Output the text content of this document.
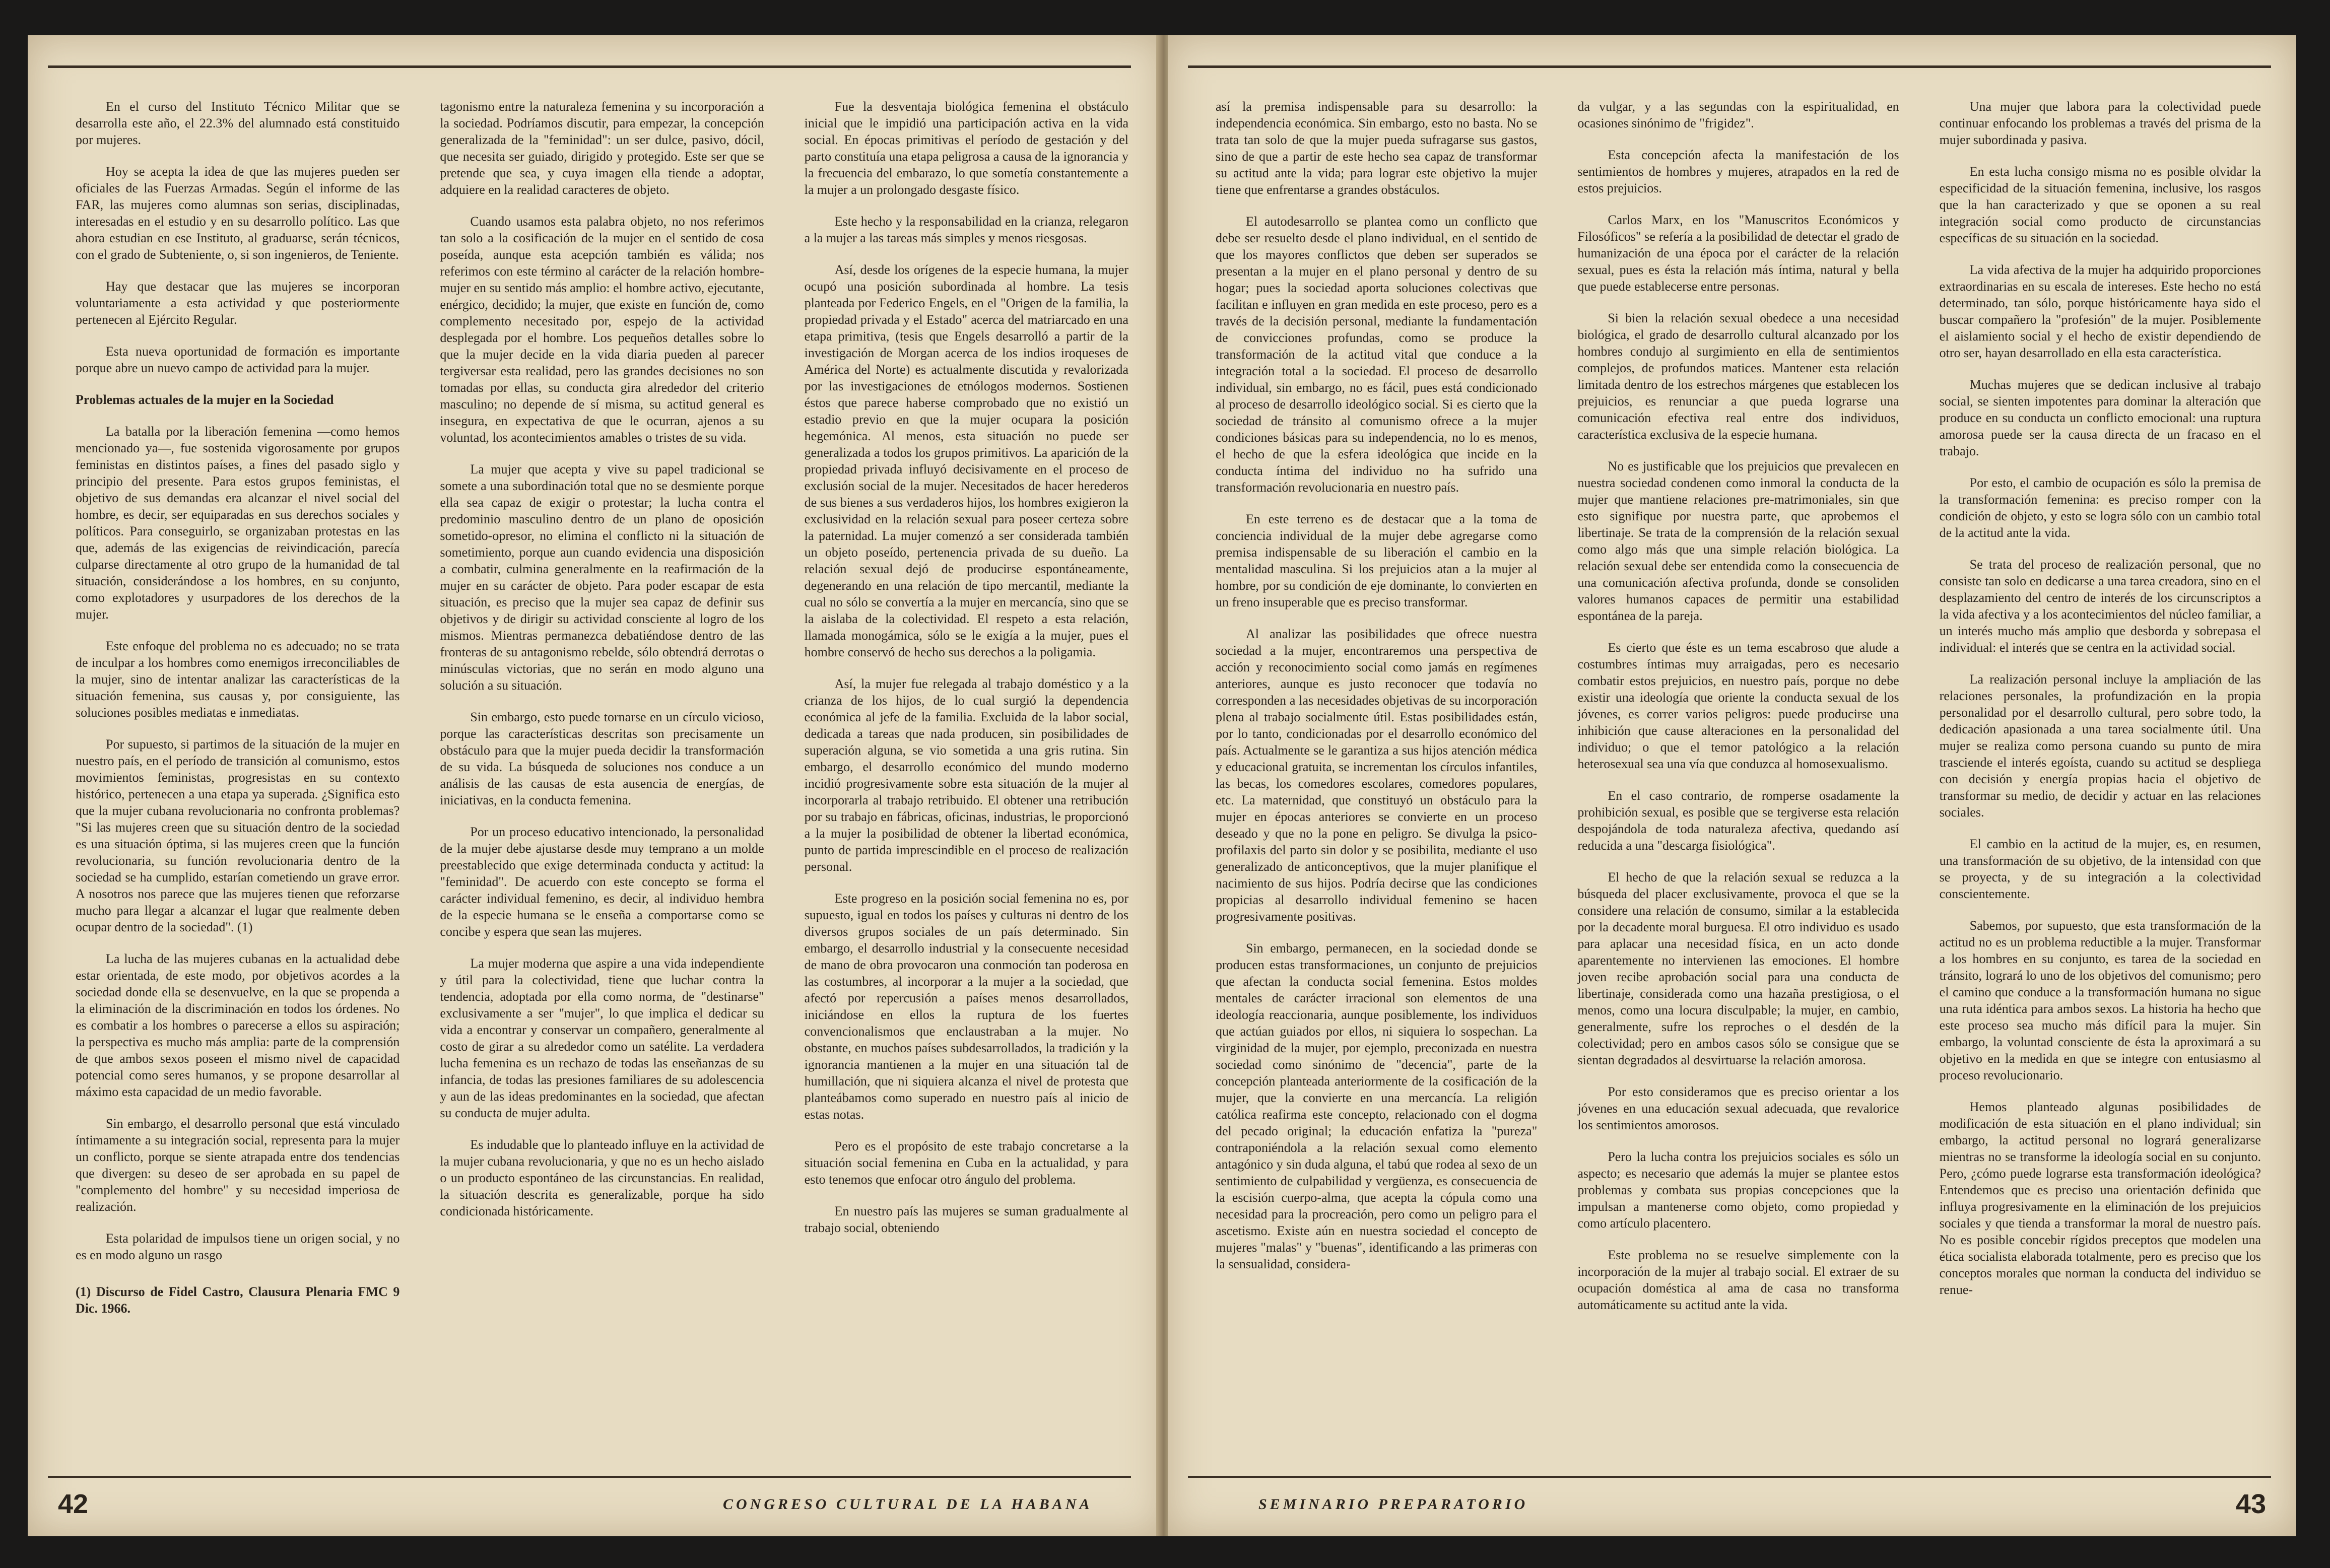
En el curso del Instituto Técnico Militar que se desarrolla este año, el 22.3% del alumnado está constituido por mujeres.

Hoy se acepta la idea de que las mujeres pueden ser oficiales de las Fuerzas Armadas. Según el informe de las FAR, las mujeres como alumnas son serias, disciplinadas, interesadas en el estudio y en su desarrollo político. Las que ahora estudian en ese Instituto, al graduarse, serán técnicos, con el grado de Subteniente, o, si son ingenieros, de Teniente.

Hay que destacar que las mujeres se incorporan voluntariamente a esta actividad y que posteriormente pertenecen al Ejército Regular.

Esta nueva oportunidad de formación es importante porque abre un nuevo campo de actividad para la mujer.

Problemas actuales de la mujer en la Sociedad

La batalla por la liberación femenina —como hemos mencionado ya—, fue sostenida vigorosamente por grupos feministas en distintos países, a fines del pasado siglo y principio del presente. Para estos grupos feministas, el objetivo de sus demandas era alcanzar el nivel social del hombre, es decir, ser equiparadas en sus derechos sociales y políticos. Para conseguirlo, se organizaban protestas en las que, además de las exigencias de reivindicación, parecía culparse directamente al otro grupo de la humanidad de tal situación, considerándose a los hombres, en su conjunto, como explotadores y usurpadores de los derechos de la mujer.

Este enfoque del problema no es adecuado; no se trata de inculpar a los hombres como enemigos irreconciliables de la mujer, sino de intentar analizar las características de la situación femenina, sus causas y, por consiguiente, las soluciones posibles mediatas e inmediatas.

Por supuesto, si partimos de la situación de la mujer en nuestro país, en el período de transición al comunismo, estos movimientos feministas, progresistas en su contexto histórico, pertenecen a una etapa ya superada. ¿Significa esto que la mujer cubana revolucionaria no confronta problemas? "Si las mujeres creen que su situación dentro de la sociedad es una situación óptima, si las mujeres creen que la función revolucionaria, su función revolucionaria dentro de la sociedad se ha cumplido, estarían cometiendo un grave error. A nosotros nos parece que las mujeres tienen que reforzarse mucho para llegar a alcanzar el lugar que realmente deben ocupar dentro de la sociedad". (1)

La lucha de las mujeres cubanas en la actualidad debe estar orientada, de este modo, por objetivos acordes a la sociedad donde ella se desenvuelve, en la que se propenda a la eliminación de la discriminación en todos los órdenes. No es combatir a los hombres o parecerse a ellos su aspiración; la perspectiva es mucho más amplia: parte de la comprensión de que ambos sexos poseen el mismo nivel de capacidad potencial como seres humanos, y se propone desarrollar al máximo esta capacidad de un medio favorable.

Sin embargo, el desarrollo personal que está vinculado íntimamente a su integración social, representa para la mujer un conflicto, porque se siente atrapada entre dos tendencias que divergen: su deseo de ser aprobada en su papel de "complemento del hombre" y su necesidad imperiosa de realización.

Esta polaridad de impulsos tiene un origen social, y no es en modo alguno un rasgo

(1) Discurso de Fidel Castro, Clausura Plenaria FMC 9 Dic. 1966.

tagonismo entre la naturaleza femenina y su incorporación a la sociedad. Podríamos discutir, para empezar, la concepción generalizada de la "feminidad": un ser dulce, pasivo, dócil, que necesita ser guiado, dirigido y protegido. Este ser que se pretende que sea, y cuya imagen ella tiende a adoptar, adquiere en la realidad caracteres de objeto.

Cuando usamos esta palabra objeto, no nos referimos tan solo a la cosificación de la mujer en el sentido de cosa poseída, aunque esta acepción también es válida; nos referimos con este término al carácter de la relación hombre-mujer en su sentido más amplio: el hombre activo, ejecutante, enérgico, decidido; la mujer, que existe en función de, como complemento necesitado por, espejo de la actividad desplegada por el hombre. Los pequeños detalles sobre lo que la mujer decide en la vida diaria pueden al parecer tergiversar esta realidad, pero las grandes decisiones no son tomadas por ellas, su conducta gira alrededor del criterio masculino; no depende de sí misma, su actitud general es insegura, en expectativa de que le ocurran, ajenos a su voluntad, los acontecimientos amables o tristes de su vida.

La mujer que acepta y vive su papel tradicional se somete a una subordinación total que no se desmiente porque ella sea capaz de exigir o protestar; la lucha contra el predominio masculino dentro de un plano de oposición sometido-opresor, no elimina el conflicto ni la situación de sometimiento, porque aun cuando evidencia una disposición a combatir, culmina generalmente en la reafirmación de la mujer en su carácter de objeto. Para poder escapar de esta situación, es preciso que la mujer sea capaz de definir sus objetivos y de dirigir su actividad consciente al logro de los mismos. Mientras permanezca debatiéndose dentro de las fronteras de su antagonismo rebelde, sólo obtendrá derrotas o minúsculas victorias, que no serán en modo alguno una solución a su situación.

Sin embargo, esto puede tornarse en un círculo vicioso, porque las características descritas son precisamente un obstáculo para que la mujer pueda decidir la transformación de su vida. La búsqueda de soluciones nos conduce a un análisis de las causas de esta ausencia de energías, de iniciativas, en la conducta femenina.

Por un proceso educativo intencionado, la personalidad de la mujer debe ajustarse desde muy temprano a un molde preestablecido que exige determinada conducta y actitud: la "feminidad". De acuerdo con este concepto se forma el carácter individual femenino, es decir, al individuo hembra de la especie humana se le enseña a comportarse como se concibe y espera que sean las mujeres.

La mujer moderna que aspire a una vida independiente y útil para la colectividad, tiene que luchar contra la tendencia, adoptada por ella como norma, de "destinarse" exclusivamente a ser "mujer", lo que implica el dedicar su vida a encontrar y conservar un compañero, generalmente al costo de girar a su alrededor como un satélite. La verdadera lucha femenina es un rechazo de todas las enseñanzas de su infancia, de todas las presiones familiares de su adolescencia y aun de las ideas predominantes en la sociedad, que afectan su conducta de mujer adulta.

Es indudable que lo planteado influye en la actividad de la mujer cubana revolucionaria, y que no es un hecho aislado o un producto espontáneo de las circunstancias. En realidad, la situación descrita es generalizable, porque ha sido condicionada históricamente.

Fue la desventaja biológica femenina el obstáculo inicial que le impidió una participación activa en la vida social. En épocas primitivas el período de gestación y del parto constituía una etapa peligrosa a causa de la ignorancia y la frecuencia del embarazo, lo que sometía constantemente a la mujer a un prolongado desgaste físico.

Este hecho y la responsabilidad en la crianza, relegaron a la mujer a las tareas más simples y menos riesgosas.

Así, desde los orígenes de la especie humana, la mujer ocupó una posición subordinada al hombre. La tesis planteada por Federico Engels, en el "Origen de la familia, la propiedad privada y el Estado" acerca del matriarcado en una etapa primitiva, (tesis que Engels desarrolló a partir de la investigación de Morgan acerca de los indios iroqueses de América del Norte) es actualmente discutida y revalorizada por las investigaciones de etnólogos modernos. Sostienen éstos que parece haberse comprobado que no existió un estadio previo en que la mujer ocupara la posición hegemónica. Al menos, esta situación no puede ser generalizada a todos los grupos primitivos. La aparición de la propiedad privada influyó decisivamente en el proceso de exclusión social de la mujer. Necesitados de hacer herederos de sus bienes a sus verdaderos hijos, los hombres exigieron la exclusividad en la relación sexual para poseer certeza sobre la paternidad. La mujer comenzó a ser considerada también un objeto poseído, pertenencia privada de su dueño. La relación sexual dejó de producirse espontáneamente, degenerando en una relación de tipo mercantil, mediante la cual no sólo se convertía a la mujer en mercancía, sino que se la aislaba de la colectividad. El respeto a esta relación, llamada monogámica, sólo se le exigía a la mujer, pues el hombre conservó de hecho sus derechos a la poligamia.

Así, la mujer fue relegada al trabajo doméstico y a la crianza de los hijos, de lo cual surgió la dependencia económica al jefe de la familia. Excluida de la labor social, dedicada a tareas que nada producen, sin posibilidades de superación alguna, se vio sometida a una gris rutina. Sin embargo, el desarrollo económico del mundo moderno incidió progresivamente sobre esta situación de la mujer al incorporarla al trabajo retribuido. El obtener una retribución por su trabajo en fábricas, oficinas, industrias, le proporcionó a la mujer la posibilidad de obtener la libertad económica, punto de partida imprescindible en el proceso de realización personal.

Este progreso en la posición social femenina no es, por supuesto, igual en todos los países y culturas ni dentro de los diversos grupos sociales de un país determinado. Sin embargo, el desarrollo industrial y la consecuente necesidad de mano de obra provocaron una conmoción tan poderosa en las costumbres, al incorporar a la mujer a la sociedad, que afectó por repercusión a países menos desarrollados, iniciándose en ellos la ruptura de los fuertes convencionalismos que enclaustraban a la mujer. No obstante, en muchos países subdesarrollados, la tradición y la ignorancia mantienen a la mujer en una situación tal de humillación, que ni siquiera alcanza el nivel de protesta que planteábamos como superado en nuestro país al inicio de estas notas.

Pero es el propósito de este trabajo concretarse a la situación social femenina en Cuba en la actualidad, y para esto tenemos que enfocar otro ángulo del problema.

En nuestro país las mujeres se suman gradualmente al trabajo social, obteniendo

42	CONGRESO CULTURAL DE LA HABANA

así la premisa indispensable para su desarrollo: la independencia económica. Sin embargo, esto no basta. No se trata tan solo de que la mujer pueda sufragarse sus gastos, sino de que a partir de este hecho sea capaz de transformar su actitud ante la vida; para lograr este objetivo la mujer tiene que enfrentarse a grandes obstáculos.

El autodesarrollo se plantea como un conflicto que debe ser resuelto desde el plano individual, en el sentido de que los mayores conflictos que deben ser superados se presentan a la mujer en el plano personal y dentro de su hogar; pues la sociedad aporta soluciones colectivas que facilitan e influyen en gran medida en este proceso, pero es a través de la decisión personal, mediante la fundamentación de convicciones profundas, como se produce la transformación de la actitud vital que conduce a la integración total a la sociedad. El proceso de desarrollo individual, sin embargo, no es fácil, pues está condicionado al proceso de desarrollo ideológico social. Si es cierto que la sociedad de tránsito al comunismo ofrece a la mujer condiciones básicas para su independencia, no lo es menos, el hecho de que la esfera ideológica que incide en la conducta íntima del individuo no ha sufrido una transformación revolucionaria en nuestro país.

En este terreno es de destacar que a la toma de conciencia individual de la mujer debe agregarse como premisa indispensable de su liberación el cambio en la mentalidad masculina. Si los prejuicios atan a la mujer al hombre, por su condición de eje dominante, lo convierten en un freno insuperable que es preciso transformar.

Al analizar las posibilidades que ofrece nuestra sociedad a la mujer, encontraremos una perspectiva de acción y reconocimiento social como jamás en regímenes anteriores, aunque es justo reconocer que todavía no corresponden a las necesidades objetivas de su incorporación plena al trabajo socialmente útil. Estas posibilidades están, por lo tanto, condicionadas por el desarrollo económico del país. Actualmente se le garantiza a sus hijos atención médica y educacional gratuita, se incrementan los círculos infantiles, las becas, los comedores escolares, comedores populares, etc. La maternidad, que constituyó un obstáculo para la mujer en épocas anteriores se convierte en un proceso deseado y que no la pone en peligro. Se divulga la psico-profilaxis del parto sin dolor y se posibilita, mediante el uso generalizado de anticonceptivos, que la mujer planifique el nacimiento de sus hijos. Podría decirse que las condiciones propicias al desarrollo individual femenino se hacen progresivamente positivas.

Sin embargo, permanecen, en la sociedad donde se producen estas transformaciones, un conjunto de prejuicios que afectan la conducta social femenina. Estos moldes mentales de carácter irracional son elementos de una ideología reaccionaria, aunque posiblemente, los individuos que actúan guiados por ellos, ni siquiera lo sospechan. La virginidad de la mujer, por ejemplo, preconizada en nuestra sociedad como sinónimo de "decencia", parte de la concepción planteada anteriormente de la cosificación de la mujer, que la convierte en una mercancía. La religión católica reafirma este concepto, relacionado con el dogma del pecado original; la educación enfatiza la "pureza" contraponiéndola a la relación sexual como elemento antagónico y sin duda alguna, el tabú que rodea al sexo de un sentimiento de culpabilidad y vergüenza, es consecuencia de la escisión cuerpo-alma, que acepta la cópula como una necesidad para la procreación, pero como un peligro para el ascetismo. Existe aún en nuestra sociedad el concepto de mujeres "malas" y "buenas", identificando a las primeras con la sensualidad, considera-

da vulgar, y a las segundas con la espiritualidad, en ocasiones sinónimo de "frigidez".

Esta concepción afecta la manifestación de los sentimientos de hombres y mujeres, atrapados en la red de estos prejuicios.

Carlos Marx, en los "Manuscritos Económicos y Filosóficos" se refería a la posibilidad de detectar el grado de humanización de una época por el carácter de la relación sexual, pues es ésta la relación más íntima, natural y bella que puede establecerse entre personas.

Si bien la relación sexual obedece a una necesidad biológica, el grado de desarrollo cultural alcanzado por los hombres condujo al surgimiento en ella de sentimientos complejos, de profundos matices. Mantener esta relación limitada dentro de los estrechos márgenes que establecen los prejuicios, es renunciar a que pueda lograrse una comunicación efectiva real entre dos individuos, característica exclusiva de la especie humana.

No es justificable que los prejuicios que prevalecen en nuestra sociedad condenen como inmoral la conducta de la mujer que mantiene relaciones pre-matrimoniales, sin que esto signifique por nuestra parte, que aprobemos el libertinaje. Se trata de la comprensión de la relación sexual como algo más que una simple relación biológica. La relación sexual debe ser entendida como la consecuencia de una comunicación afectiva profunda, donde se consoliden valores humanos capaces de permitir una estabilidad espontánea de la pareja.

Es cierto que éste es un tema escabroso que alude a costumbres íntimas muy arraigadas, pero es necesario combatir estos prejuicios, en nuestro país, porque no debe existir una ideología que oriente la conducta sexual de los jóvenes, es correr varios peligros: puede producirse una inhibición que cause alteraciones en la personalidad del individuo; o que el temor patológico a la relación heterosexual sea una vía que conduzca al homosexualismo.

En el caso contrario, de romperse osadamente la prohibición sexual, es posible que se tergiverse esta relación despojándola de toda naturaleza afectiva, quedando así reducida a una "descarga fisiológica".

El hecho de que la relación sexual se reduzca a la búsqueda del placer exclusivamente, provoca el que se la considere una relación de consumo, similar a la establecida por la decadente moral burguesa. El otro individuo es usado para aplacar una necesidad física, en un acto donde aparentemente no intervienen las emociones. El hombre joven recibe aprobación social para una conducta de libertinaje, considerada como una hazaña prestigiosa, o el menos, como una locura disculpable; la mujer, en cambio, generalmente, sufre los reproches o el desdén de la colectividad; pero en ambos casos sólo se consigue que se sientan degradados al desvirtuarse la relación amorosa.

Por esto consideramos que es preciso orientar a los jóvenes en una educación sexual adecuada, que revalorice los sentimientos amorosos.

Pero la lucha contra los prejuicios sociales es sólo un aspecto; es necesario que además la mujer se plantee estos problemas y combata sus propias concepciones que la impulsan a mantenerse como objeto, como propiedad y como artículo placentero.

Este problema no se resuelve simplemente con la incorporación de la mujer al trabajo social. El extraer de su ocupación doméstica al ama de casa no transforma automáticamente su actitud ante la vida.

Una mujer que labora para la colectividad puede continuar enfocando los problemas a través del prisma de la mujer subordinada y pasiva.

En esta lucha consigo misma no es posible olvidar la especificidad de la situación femenina, inclusive, los rasgos que la han caracterizado y que se oponen a su real integración social como producto de circunstancias específicas de su situación en la sociedad.

La vida afectiva de la mujer ha adquirido proporciones extraordinarias en su escala de intereses. Este hecho no está determinado, tan sólo, porque históricamente haya sido el buscar compañero la "profesión" de la mujer. Posiblemente el aislamiento social y el hecho de existir dependiendo de otro ser, hayan desarrollado en ella esta característica.

Muchas mujeres que se dedican inclusive al trabajo social, se sienten impotentes para dominar la alteración que produce en su conducta un conflicto emocional: una ruptura amorosa puede ser la causa directa de un fracaso en el trabajo.

Por esto, el cambio de ocupación es sólo la premisa de la transformación femenina: es preciso romper con la condición de objeto, y esto se logra sólo con un cambio total de la actitud ante la vida.

Se trata del proceso de realización personal, que no consiste tan solo en dedicarse a una tarea creadora, sino en el desplazamiento del centro de interés de los circunscriptos a la vida afectiva y a los acontecimientos del núcleo familiar, a un interés mucho más amplio que desborda y sobrepasa el individual: el interés que se centra en la actividad social.

La realización personal incluye la ampliación de las relaciones personales, la profundización en la propia personalidad por el desarrollo cultural, pero sobre todo, la dedicación apasionada a una tarea socialmente útil. Una mujer se realiza como persona cuando su punto de mira trasciende el interés egoísta, cuando su actitud se despliega con decisión y energía propias hacia el objetivo de transformar su medio, de decidir y actuar en las relaciones sociales.

El cambio en la actitud de la mujer, es, en resumen, una transformación de su objetivo, de la intensidad con que se proyecta, y de su integración a la colectividad conscientemente.

Sabemos, por supuesto, que esta transformación de la actitud no es un problema reductible a la mujer. Transformar a los hombres en su conjunto, es tarea de la sociedad en tránsito, logrará lo uno de los objetivos del comunismo; pero el camino que conduce a la transformación humana no sigue una ruta idéntica para ambos sexos. La historia ha hecho que este proceso sea mucho más difícil para la mujer. Sin embargo, la voluntad consciente de ésta la aproximará a su objetivo en la medida en que se integre con entusiasmo al proceso revolucionario.

Hemos planteado algunas posibilidades de modificación de esta situación en el plano individual; sin embargo, la actitud personal no logrará generalizarse mientras no se transforme la ideología social en su conjunto. Pero, ¿cómo puede lograrse esta transformación ideológica? Entendemos que es preciso una orientación definida que influya progresivamente en la eliminación de los prejuicios sociales y que tienda a transformar la moral de nuestro país. No es posible concebir rígidos preceptos que modelen una ética socialista elaborada totalmente, pero es preciso que los conceptos morales que norman la conducta del individuo se renue-

SEMINARIO PREPARATORIO	43
